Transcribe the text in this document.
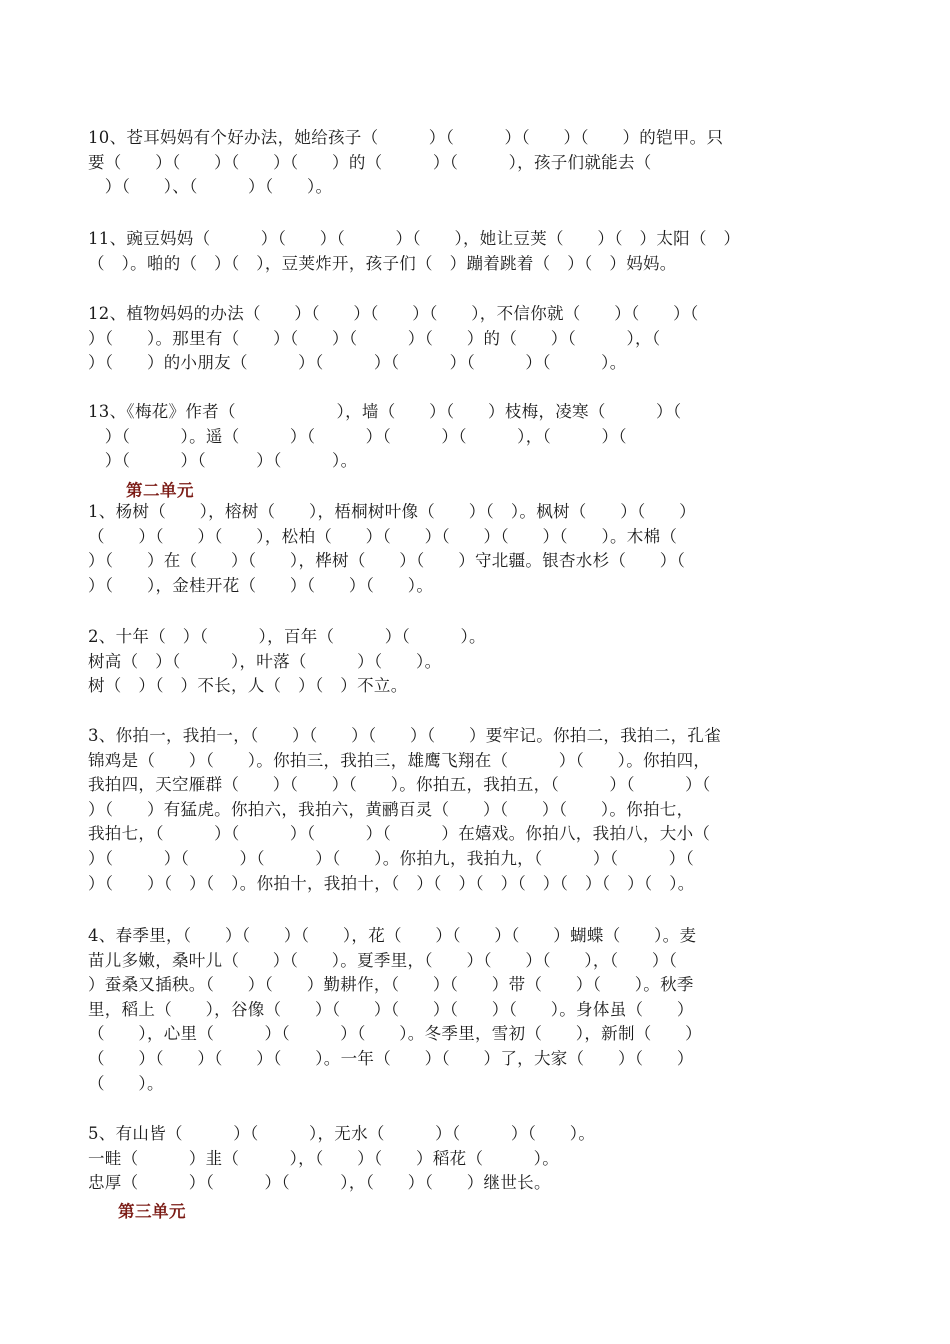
10、苍耳妈妈有个好办法，她给孩子（　　　）（　　　）（　　）（　　）的铠甲。只
要（　　）（　　）（　　）（　　）的（　　　）（　　　），孩子们就能去（
　）（　　）、（　　　）（　　）。
11、豌豆妈妈（　　　）（　　）（　　　）（　　），她让豆荚（　　）（　）太阳（　）
（　）。啪的（　）（　），豆荚炸开，孩子们（　）蹦着跳着（　）（　）妈妈。
12、植物妈妈的办法（　　）（　　）（　　）（　　），不信你就（　　）（　　）（
）（　　）。那里有（　　）（　　）（　　　）（　　）的（　　）（　　　），（
）（　　）的小朋友（　　　）（　　　）（　　　）（　　　）（　　　）。
13、《梅花》作者（　　　　　　），墙（　　）（　　）枝梅，凌寒（　　　）（
　）（　　　）。遥（　　　）（　　　）（　　　）（　　　），（　　　）（
　）（　　　）（　　　）（　　　）。
第二单元
1、杨树（　　），榕树（　　），梧桐树叶像（　　）（　）。枫树（　　）（　　）
（　　）（　　）（　　），松柏（　　）（　　）（　　）（　　）（　　）。木棉（
）（　　）在（　　）（　　），桦树（　　）（　　）守北疆。银杏水杉（　　）（
）（　　），金桂开花（　　）（　　）（　　）。
2、十年（　）（　　　），百年（　　　）（　　　）。
树高（　）（　　　），叶落（　　　）（　　）。
树（　）（　）不长，人（　）（　）不立。
3、你拍一，我拍一，（　　）（　　）（　　）（　　）要牢记。你拍二，我拍二，孔雀
锦鸡是（　　）（　　）。你拍三，我拍三，雄鹰飞翔在（　　　）（　　）。你拍四，
我拍四，天空雁群（　　）（　　）（　　）。你拍五，我拍五，（　　　）（　　　）（
）（　　）有猛虎。你拍六，我拍六，黄鹂百灵（　　）（　　）（　　）。你拍七，
我拍七，（　　　）（　　　）（　　　）（　　　）在嬉戏。你拍八，我拍八，大小（
）（　　　）（　　　）（　　　）（　　）。你拍九，我拍九，（　　　）（　　　）（
）（　　）（　）（　）。你拍十，我拍十，（　）（　）（　）（　）（　）（　）（　）。
4、春季里，（　　）（　　）（　　），花（　　）（　　）（　　）蝴蝶（　　）。麦
苗儿多嫩，桑叶儿（　　）（　　）。夏季里，（　　）（　　）（　　），（　　）（
）蚕桑又插秧。（　　）（　　）勤耕作，（　　）（　　）带（　　）（　　）。秋季
里，稻上（　　），谷像（　　）（　　）（　　）（　　）（　　）。身体虽（　　）
（　　），心里（　　　）（　　　）（　　）。冬季里，雪初（　　），新制（　　）
（　　）（　　）（　　）（　　）。一年（　　）（　　）了，大家（　　）（　　）
（　　）。
5、有山皆（　　　）（　　　），无水（　　　）（　　　）（　　）。
一畦（　　　）韭（　　　），（　　）（　　）稻花（　　　）。
忠厚（　　　）（　　　）（　　　），（　　）（　　）继世长。
第三单元
